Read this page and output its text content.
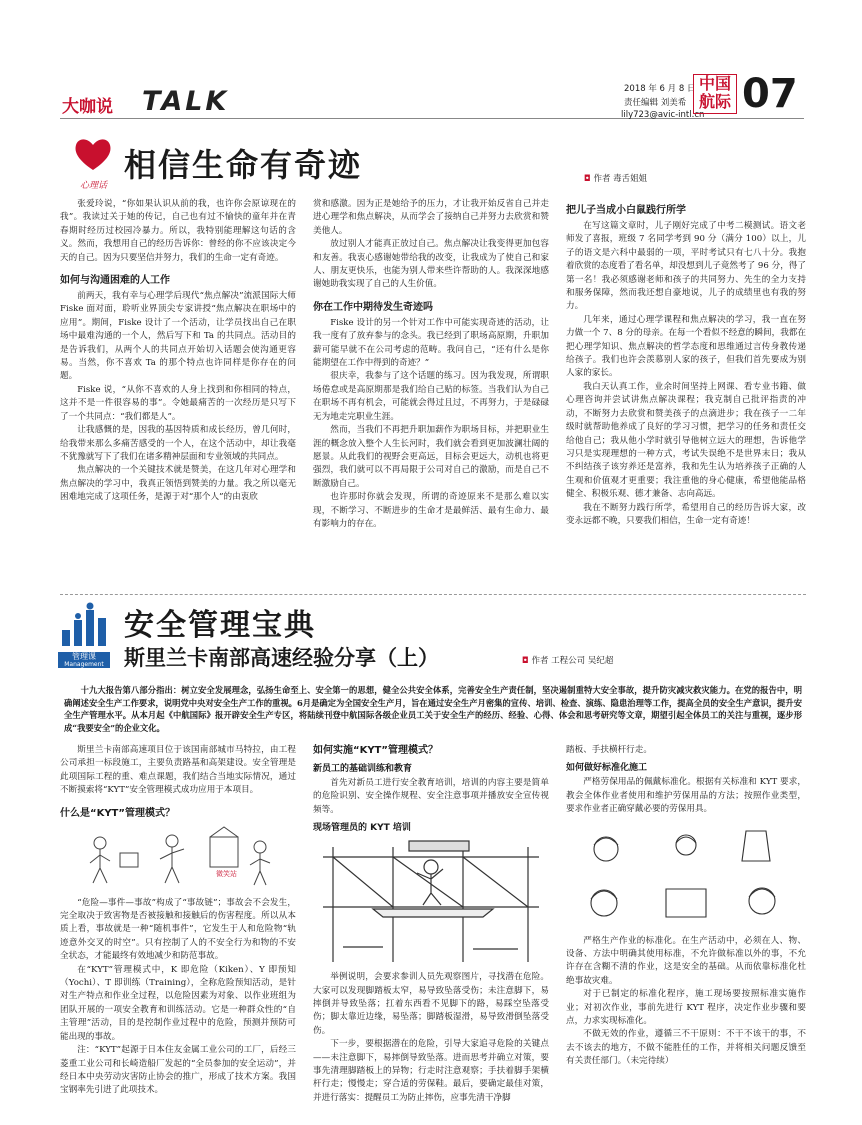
大咖说 TALK	2018 年 6 月 8 日
责任编辑 刘美希
lily723@avic-intl.cn
中国
航际 07
心理话
相信生命有奇迹	◘ 作者 毒舌姐姐

张爱玲说，“你如果认识从前的我，也许你会原谅现在的我”。我读过关于她的传记，自己也有过不愉快的童年并在青春期时经历过校园冷暴力。所以，我特别能理解这句话的含义。然而，我想用自己的经历告诉你：曾经的你不应该决定今天的自己。因为只要坚信并努力，我们的生命一定有奇迹。

如何与沟通困难的人工作

前两天，我有幸与心理学后现代“焦点解决”流派国际大师 Fiske 面对面，聆听业界顶尖专家讲授“焦点解决在职场中的应用”。期间，Fiske 设计了一个活动，让学员找出自己在职场中最难沟通的一个人，然后写下和 Ta 的共同点。活动目的是告诉我们，从两个人的共同点开始切入话题会使沟通更容易。当然，你不喜欢 Ta 的那个特点也许同样是你存在的问题。

Fiske 说，“从你不喜欢的人身上找到和你相同的特点，这并不是一件很容易的事”。令她最痛苦的一次经历是只写下了一个共同点：“我们都是人”。

让我感慨的是，因我的基因特质和成长经历，曾几何时，给我带来那么多痛苦感受的一个人，在这个活动中，却让我毫不犹豫就写下了我们在诸多精神层面和专业领域的共同点。

焦点解决的一个关键技术就是赞美，在这几年对心理学和焦点解决的学习中，我真正领悟到赞美的力量。我之所以毫无困难地完成了这项任务，是源于对“那个人”的由衷欣

赏和感激。因为正是她给予的压力，才让我开始反省自己并走进心理学和焦点解决，从而学会了接纳自己并努力去欣赏和赞美他人。

放过别人才能真正放过自己。焦点解决让我变得更加包容和友善。我衷心感谢她带给我的改变，让我成为了使自己和家人、朋友更快乐，也能为别人带来些许帮助的人。我深深地感谢她助我实现了自己的人生价值。

你在工作中期待发生奇迹吗

Fiske 设计的另一个针对工作中可能实现奇迹的活动，让我一度有了放弃参与的念头。我已经到了职场高原期，升职加薪可能早就不在公司考虑的范畴。我问自己，“还有什么是你能期望在工作中得到的奇迹？”

很庆幸，我参与了这个话题的练习。因为我发现，所谓职场倦怠或是高原期那是我们给自己贴的标签。当我们认为自己在职场不再有机会，可能就会得过且过，不再努力，于是碌碌无为地走完职业生涯。

然而，当我们不再把升职加薪作为职场目标，并把职业生涯的概念放入整个人生长河时，我们就会看到更加波澜壮阔的愿景。从此我们的视野会更高远，目标会更远大，动机也将更强烈，我们就可以不再局限于公司对自己的激励，而是自己不断激励自己。

也许那时你就会发现，所谓的奇迹原来不是那么难以实现，不断学习、不断进步的生命才是最鲜活、最有生命力、最有影响力的存在。

把儿子当成小白鼠践行所学

在写这篇文章时，儿子刚好完成了中考二模测试。语文老师发了喜报，班级 7 名同学考到 90 分（满分 100）以上，儿子的语文是六科中最弱的一项，平时考试只有七八十分。我抱着欣赏的态度看了看名单，却没想到儿子竟然考了 96 分，得了第一名！我必须感谢老师和孩子的共同努力、先生的全力支持和服务保障，然而我还想自豪地说，儿子的成绩里也有我的努力。

几年来，通过心理学课程和焦点解决的学习，我一直在努力做一个 7、8 分的母亲。在每一个看似不经意的瞬间，我都在把心理学知识、焦点解决的哲学态度和思维通过言传身教传递给孩子。我们也许会羡慕别人家的孩子，但我们首先要成为别人家的家长。

我白天认真工作，业余时间坚持上网课、看专业书籍、做心理咨询并尝试讲焦点解决课程；我克制自己批评指责的冲动，不断努力去欣赏和赞美孩子的点滴进步；我在孩子一二年级时就帮助他养成了良好的学习习惯，把学习的任务和责任交给他自己；我从他小学时就引导他树立远大的理想，告诉他学习只是实现理想的一种方式，考试失误绝不是世界末日；我从不纠结孩子该穷养还是富养，我和先生认为培养孩子正确的人生观和价值观才更重要；我注重他的身心健康，希望他能品格健全、积极乐观、德才兼备、志向高远。

我在不断努力践行所学，希望用自己的经历告诉大家，改变永远都不晚，只要我们相信，生命一定有奇迹！

管理课
Management
安全管理宝典
斯里兰卡南部高速经验分享（上）	◘ 作者 工程公司 吴纪超
十九大报告第八部分指出：树立安全发展理念，弘扬生命至上、安全第一的思想，健全公共安全体系，完善安全生产责任制，坚决遏制重特大安全事故，提升防灾减灾救灾能力。在党的报告中，明确阐述安全生产工作要求，说明党中央对安全生产工作的重视。6月是确定为全国安全生产月，旨在通过安全生产月密集的宣传、培训、检查、演练、隐患治理等工作，提高全员的安全生产意识，提升安全生产管理水平。从本月起《中航国际》报开辟安全生产专区，将陆续刊登中航国际各级企业员工关于安全生产的经历、经验、心得、体会和思考研究等文章，期望引起全体员工的关注与重视，逐步形成“我要安全”的企业文化。

斯里兰卡南部高速项目位于该国南部城市马特拉，由工程公司承担一标段施工，主要负责路基和高架建设。安全管理是此项国际工程的重、难点课题，我们结合当地实际情况，通过不断摸索将“KYT”安全管理模式成功应用于本项目。

什么是“KYT”管理模式？
微笑站

“危险—事件—事故”构成了“事故链”；事故会不会发生，完全取决于致害物是否被接触和接触后的伤害程度。所以从本质上看，事故就是一种“随机事件”，它发生于人和危险物“轨迹意外交叉的时空”。只有控制了人的不安全行为和物的不安全状态，才能最终有效地减少和防范事故。

在“KYT”管理模式中，K 即危险（Kiken）、Y 即预知（Yochi）、T 即训练（Training），全称危险预知活动，是针对生产特点和作业全过程，以危险因素为对象、以作业班组为团队开展的一项安全教育和训练活动。它是一种群众性的“自主管理”活动，目的是控制作业过程中的危险，预测并预防可能出现的事故。

注：“KYT”起源于日本住友金属工业公司的工厂，后经三菱重工业公司和长崎造船厂发起的“全员参加的安全运动”，并经日本中央劳动灾害防止协会的推广，形成了技术方案。我国宝钢率先引进了此项技术。

如何实施“KYT”管理模式？
新员工的基础训练和教育

首先对新员工进行安全教育培训，培训的内容主要是简单的危险识别、安全操作规程、安全注意事项并播放安全宣传视频等。

现场管理员的 KYT 培训

举例说明，会要求参训人员先观察图片，寻找潜在危险。大家可以发现脚踏板太窄，易导致坠落受伤；未注意脚下，易摔倒并导致坠落；扛着东西看不见脚下的路，易踩空坠落受伤；脚太靠近边缘，易坠落；脚踏板湿滑，易导致滑倒坠落受伤。

下一步，要根据潜在的危险，引导大家追寻危险的关键点——未注意脚下，易摔倒导致坠落。进而思考并确立对策，要事先清理脚踏板上的异物；行走时注意观察；手扶着脚手架横杆行走；慢慢走；穿合适的劳保鞋。最后，要确定最佳对策，并进行落实：提醒员工为防止摔伤，应事先清干净脚

踏板、手扶横杆行走。

如何做好标准化施工

严格劳保用品的佩戴标准化。根据有关标准和 KYT 要求，教会全体作业者使用和维护劳保用品的方法；按照作业类型，要求作业者正确穿戴必要的劳保用具。

严格生产作业的标准化。在生产活动中，必须在人、物、设备、方法中明确其使用标准，不允许做标准以外的事，不允许存在含糊不清的作业，这是安全的基础。从而依靠标准化杜绝事故灾难。

对于已制定的标准化程序，施工现场要按照标准实施作业；对初次作业，事前先进行 KYT 程序，决定作业步骤和要点，力求实现标准化。

不做无效的作业，遵循三不干原则：不干不该干的事，不去不该去的地方，不做不能胜任的工作，并将相关问题反馈至有关责任部门。（未完待续）
